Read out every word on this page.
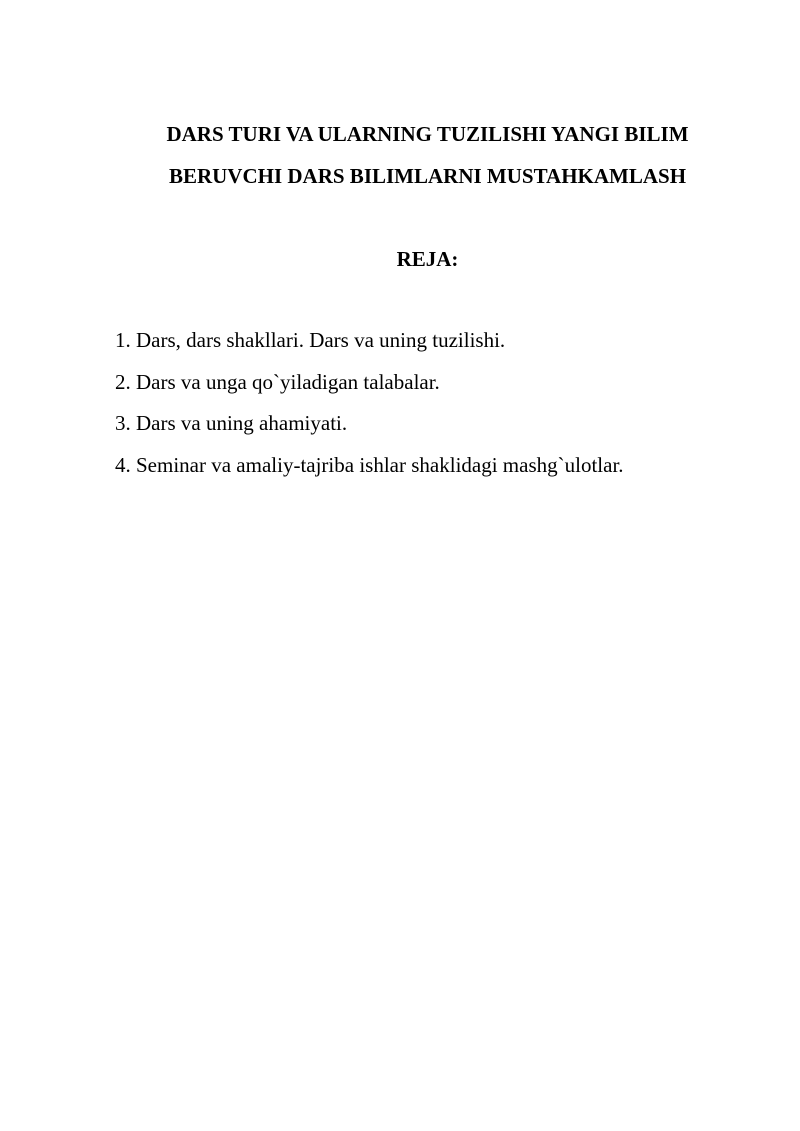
DARS TURI VA ULARNING TUZILISHI YANGI BILIM
BERUVCHI DARS BILIMLARNI MUSTAHKAMLASH
REJA:
1. Dars, dars shakllari. Dars va uning tuzilishi.
2. Dars va unga qo`yiladigan talabalar.
3. Dars va uning ahamiyati.
4. Seminar va amaliy-tajriba ishlar shaklidagi mashg`ulotlar.
